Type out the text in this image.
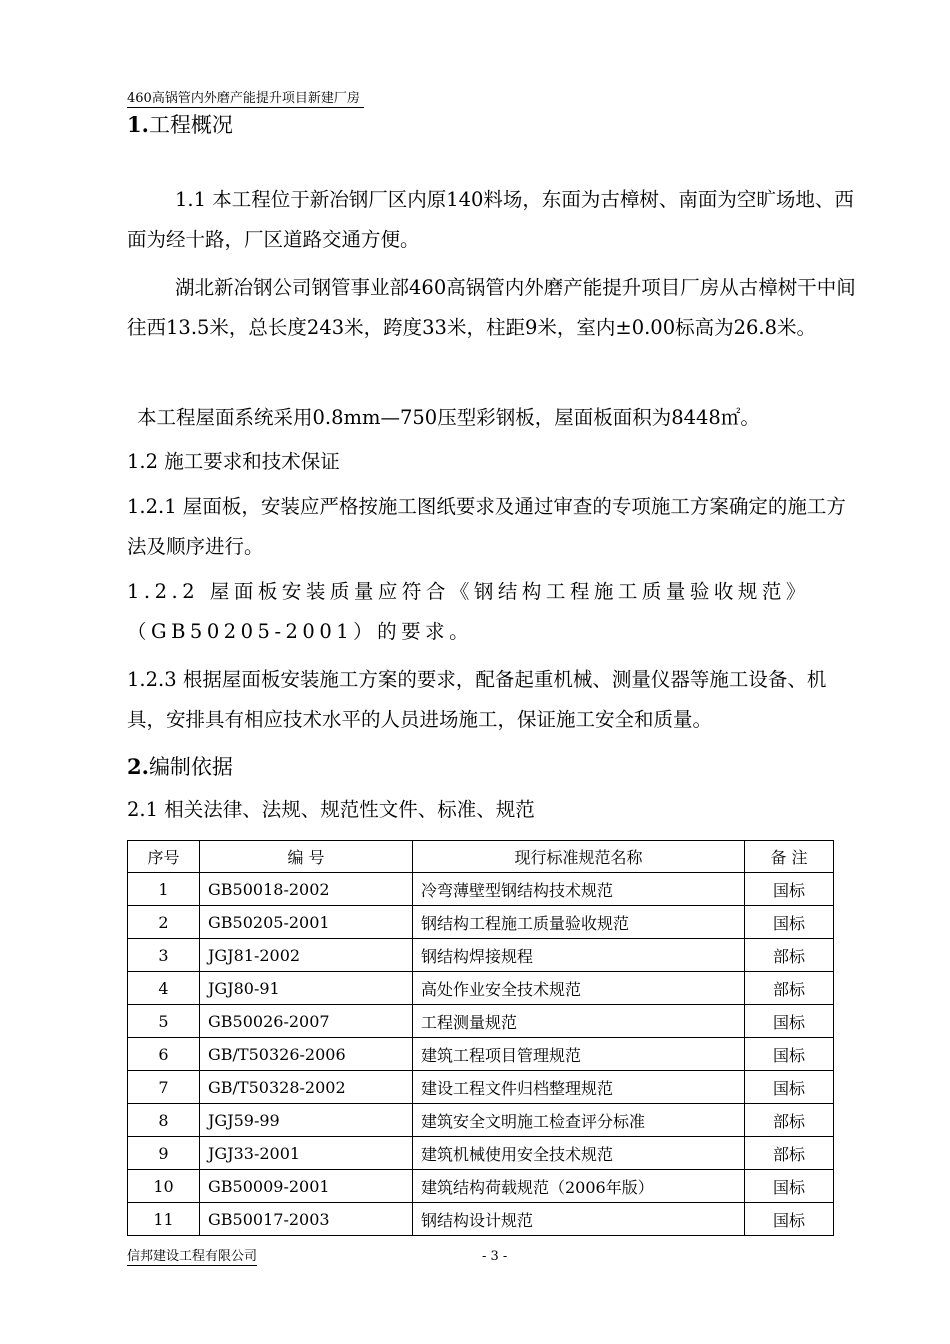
460高锅管内外磨产能提升项目新建厂房
1.工程概况
1.1 本工程位于新冶钢厂区内原140料场，东面为古樟树、南面为空旷场地、西面为经十路，厂区道路交通方便。
湖北新冶钢公司钢管事业部460高锅管内外磨产能提升项目厂房从古樟树干中间往西13.5米，总长度243米，跨度33米，柱距9米，室内±0.00标高为26.8米。
本工程屋面系统采用0.8mm—750压型彩钢板，屋面板面积为8448㎡。
1.2 施工要求和技术保证
1.2.1 屋面板，安装应严格按施工图纸要求及通过审查的专项施工方案确定的施工方法及顺序进行。
1.2.2 屋面板安装质量应符合《钢结构工程施工质量验收规范》（GB50205-2001）的要求。
1.2.3 根据屋面板安装施工方案的要求，配备起重机械、测量仪器等施工设备、机具，安排具有相应技术水平的人员进场施工，保证施工安全和质量。
2.编制依据
2.1 相关法律、法规、规范性文件、标准、规范
序号	编 号	现行标准规范名称	备 注
1	GB50018-2002	冷弯薄壁型钢结构技术规范	国标
2	GB50205-2001	钢结构工程施工质量验收规范	国标
3	JGJ81-2002	钢结构焊接规程	部标
4	JGJ80-91	高处作业安全技术规范	部标
5	GB50026-2007	工程测量规范	国标
6	GB/T50326-2006	建筑工程项目管理规范	国标
7	GB/T50328-2002	建设工程文件归档整理规范	国标
8	JGJ59-99	建筑安全文明施工检查评分标准	部标
9	JGJ33-2001	建筑机械使用安全技术规范	部标
10	GB50009-2001	建筑结构荷载规范（2006年版）	国标
11	GB50017-2003	钢结构设计规范	国标
信邦建设工程有限公司	- 3 -
